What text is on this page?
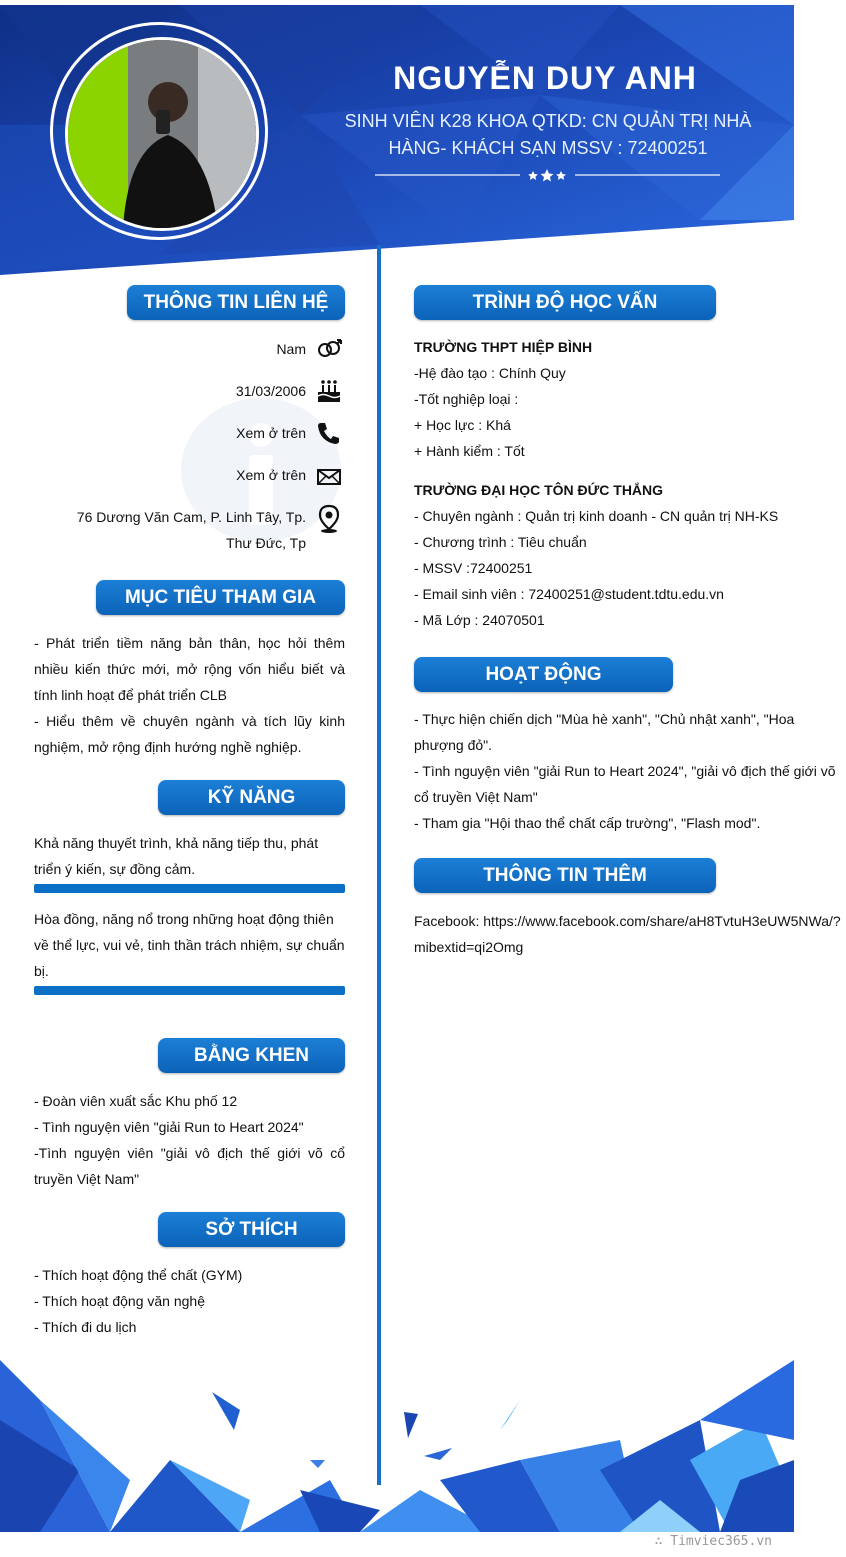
NGUYỄN DUY ANH
SINH VIÊN K28 KHOA QTKD: CN QUẢN TRỊ NHÀ HÀNG- KHÁCH SẠN MSSV : 72400251
THÔNG TIN LIÊN HỆ
Nam
31/03/2006
Xem ở trên
Xem ở trên
76 Dương Văn Cam, P. Linh Tây, Tp. Thư Đức, Tp
MỤC TIÊU THAM GIA

- Phát triển tiềm năng bản thân, học hỏi thêm nhiều kiến thức mới, mở rộng vốn hiểu biết và tính linh hoạt để phát triển CLB

- Hiểu thêm về chuyên ngành và tích lũy kinh nghiệm, mở rộng định hướng nghề nghiệp.

KỸ NĂNG
Khả năng thuyết trình, khả năng tiếp thu, phát triển ý kiến, sự đồng cảm.
Hòa đồng, năng nổ trong những hoạt động thiên về thể lực, vui vẻ, tinh thần trách nhiệm, sự chuẩn bị.
BẰNG KHEN

- Đoàn viên xuất sắc Khu phố 12

- Tình nguyện viên "giải Run to Heart 2024"

-Tình nguyện viên "giải vô địch thế giới võ cổ truyền Việt Nam"

SỞ THÍCH

- Thích hoạt động thể chất (GYM)

- Thích hoạt động văn nghệ

- Thích đi du lịch

TRÌNH ĐỘ HỌC VẤN
TRƯỜNG THPT HIỆP BÌNH
-Hệ đào tạo : Chính Quy
-Tốt nghiệp loại :
+ Học lực : Khá
+ Hành kiểm : Tốt
TRƯỜNG ĐẠI HỌC TÔN ĐỨC THẮNG
- Chuyên ngành : Quản trị kinh doanh - CN quản trị NH-KS
- Chương trình : Tiêu chuẩn
- MSSV :72400251
- Email sinh viên : 72400251@student.tdtu.edu.vn
- Mã Lớp : 24070501
HOẠT ĐỘNG

- Thực hiện chiến dịch "Mùa hè xanh", "Chủ nhật xanh", "Hoa phượng đỏ".

- Tình nguyện viên "giải Run to Heart 2024", "giải vô địch thế giới võ cổ truyền Việt Nam"

- Tham gia "Hội thao thể chất cấp trường", "Flash mod".

THÔNG TIN THÊM
Facebook: https://www.facebook.com/share/aH8TvtuH3eUW5NWa/?mibextid=qi2Omg
∴ Timviec365.vn
